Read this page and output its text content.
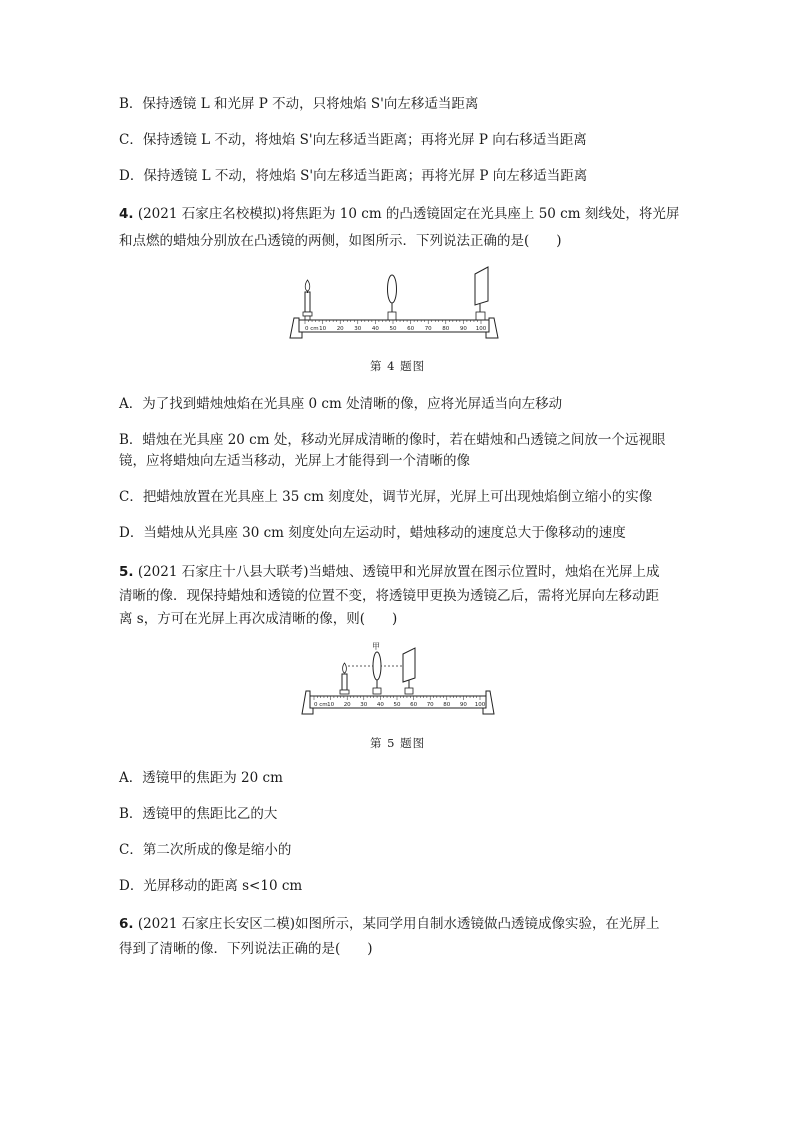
B．保持透镜 L 和光屏 P 不动，只将烛焰 S'向左移适当距离
C．保持透镜 L 不动，将烛焰 S'向左移适当距离；再将光屏 P 向右移适当距离
D．保持透镜 L 不动，将烛焰 S'向左移适当距离；再将光屏 P 向左移适当距离
4. (2021 石家庄名校模拟)将焦距为 10 cm 的凸透镜固定在光具座上 50 cm 刻线处，将光屏
和点燃的蜡烛分别放在凸透镜的两侧，如图所示．下列说法正确的是(　　)
0 cm 10 20 30 40 50 60 70 80 90 100
第 4 题图
A．为了找到蜡烛烛焰在光具座 0 cm 处清晰的像，应将光屏适当向左移动
B．蜡烛在光具座 20 cm 处，移动光屏成清晰的像时，若在蜡烛和凸透镜之间放一个远视眼
镜，应将蜡烛向左适当移动，光屏上才能得到一个清晰的像
C．把蜡烛放置在光具座上 35 cm 刻度处，调节光屏，光屏上可出现烛焰倒立缩小的实像
D．当蜡烛从光具座 30 cm 刻度处向左运动时，蜡烛移动的速度总大于像移动的速度
5. (2021 石家庄十八县大联考)当蜡烛、透镜甲和光屏放置在图示位置时，烛焰在光屏上成
清晰的像．现保持蜡烛和透镜的位置不变，将透镜甲更换为透镜乙后，需将光屏向左移动距
离 s，方可在光屏上再次成清晰的像，则(　　)
甲
0 cm 10 20 30 40 50 60 70 80 90 100
第 5 题图
A．透镜甲的焦距为 20 cm
B．透镜甲的焦距比乙的大
C．第二次所成的像是缩小的
D．光屏移动的距离 s<10 cm
6. (2021 石家庄长安区二模)如图所示，某同学用自制水透镜做凸透镜成像实验，在光屏上
得到了清晰的像．下列说法正确的是(　　)
